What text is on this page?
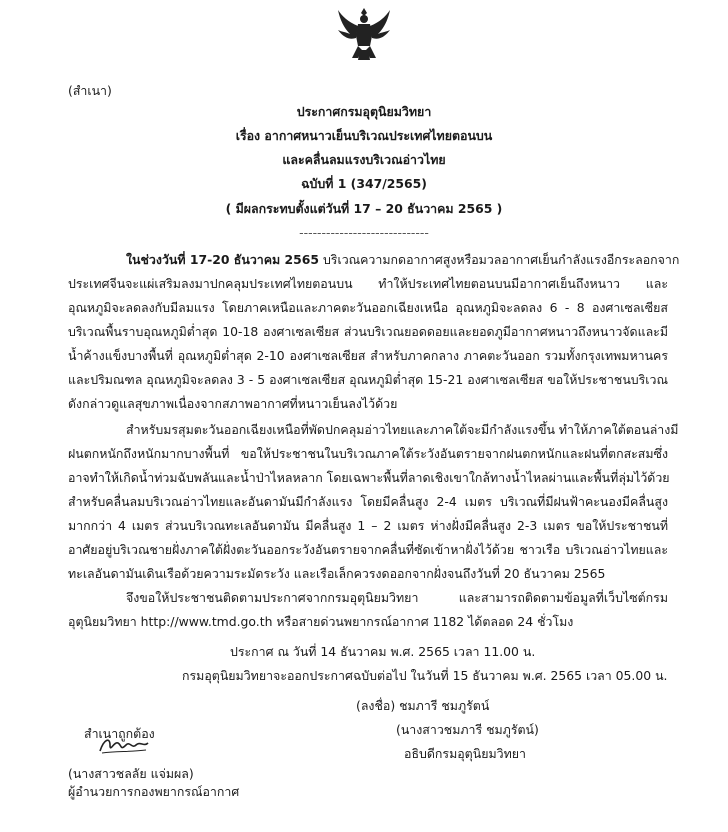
(สำเนา)
ประกาศกรมอุตุนิยมวิทยา
เรื่อง อากาศหนาวเย็นบริเวณประเทศไทยตอนบน
และคลื่นลมแรงบริเวณอ่าวไทย
ฉบับที่ 1 (347/2565)
( มีผลกระทบตั้งแต่วันที่ 17 – 20 ธันวาคม 2565 )
-----------------------------
ในช่วงวันที่ 17-20 ธันวาคม 2565 บริเวณความกดอากาศสูงหรือมวลอากาศเย็นกำลังแรงอีกระลอกจาก
ประเทศจีนจะแผ่เสริมลงมาปกคลุมประเทศไทยตอนบน ทำให้ประเทศไทยตอนบนมีอากาศเย็นถึงหนาว และ
อุณหภูมิจะลดลงกับมีลมแรง โดยภาคเหนือและภาคตะวันออกเฉียงเหนือ อุณหภูมิจะลดลง 6 - 8 องศาเซลเซียส
บริเวณพื้นราบอุณหภูมิต่ำสุด 10-18 องศาเซลเซียส ส่วนบริเวณยอดดอยและยอดภูมีอากาศหนาวถึงหนาวจัดและมี
น้ำค้างแข็งบางพื้นที่ อุณหภูมิต่ำสุด 2-10 องศาเซลเซียส สำหรับภาคกลาง ภาคตะวันออก รวมทั้งกรุงเทพมหานคร
และปริมณฑล อุณหภูมิจะลดลง 3 - 5 องศาเซลเซียส อุณหภูมิต่ำสุด 15-21 องศาเซลเซียส ขอให้ประชาชนบริเวณ
ดังกล่าวดูแลสุขภาพเนื่องจากสภาพอากาศที่หนาวเย็นลงไว้ด้วย
สำหรับมรสุมตะวันออกเฉียงเหนือที่พัดปกคลุมอ่าวไทยและภาคใต้จะมีกำลังแรงขึ้น ทำให้ภาคใต้ตอนล่างมี
ฝนตกหนักถึงหนักมากบางพื้นที่ ขอให้ประชาชนในบริเวณภาคใต้ระวังอันตรายจากฝนตกหนักและฝนที่ตกสะสมซึ่ง
อาจทำให้เกิดน้ำท่วมฉับพลันและน้ำป่าไหลหลาก โดยเฉพาะพื้นที่ลาดเชิงเขาใกล้ทางน้ำไหลผ่านและพื้นที่ลุ่มไว้ด้วย
สำหรับคลื่นลมบริเวณอ่าวไทยและอันดามันมีกำลังแรง โดยมีคลื่นสูง 2-4 เมตร บริเวณที่มีฝนฟ้าคะนองมีคลื่นสูง
มากกว่า 4 เมตร ส่วนบริเวณทะเลอันดามัน มีคลื่นสูง 1 – 2 เมตร ห่างฝั่งมีคลื่นสูง 2-3 เมตร ขอให้ประชาชนที่
อาศัยอยู่บริเวณชายฝั่งภาคใต้ฝั่งตะวันออกระวังอันตรายจากคลื่นที่ซัดเข้าหาฝั่งไว้ด้วย ชาวเรือ บริเวณอ่าวไทยและ
ทะเลอันดามันเดินเรือด้วยความระมัดระวัง และเรือเล็กควรงดออกจากฝั่งจนถึงวันที่ 20 ธันวาคม 2565
จึงขอให้ประชาชนติดตามประกาศจากกรมอุตุนิยมวิทยา และสามารถติดตามข้อมูลที่เว็บไซต์กรม
อุตุนิยมวิทยา http://www.tmd.go.th หรือสายด่วนพยากรณ์อากาศ 1182 ได้ตลอด 24 ชั่วโมง
ประกาศ ณ วันที่ 14 ธันวาคม พ.ศ. 2565 เวลา 11.00 น.
กรมอุตุนิยมวิทยาจะออกประกาศฉบับต่อไป ในวันที่ 15 ธันวาคม พ.ศ. 2565 เวลา 05.00 น.
(ลงชื่อ) ชมภารี ชมภูรัตน์
(นางสาวชมภารี ชมภูรัตน์)
อธิบดีกรมอุตุนิยมวิทยา
สำเนาถูกต้อง
(นางสาวชลลัย แจ่มผล)
ผู้อำนวยการกองพยากรณ์อากาศ
